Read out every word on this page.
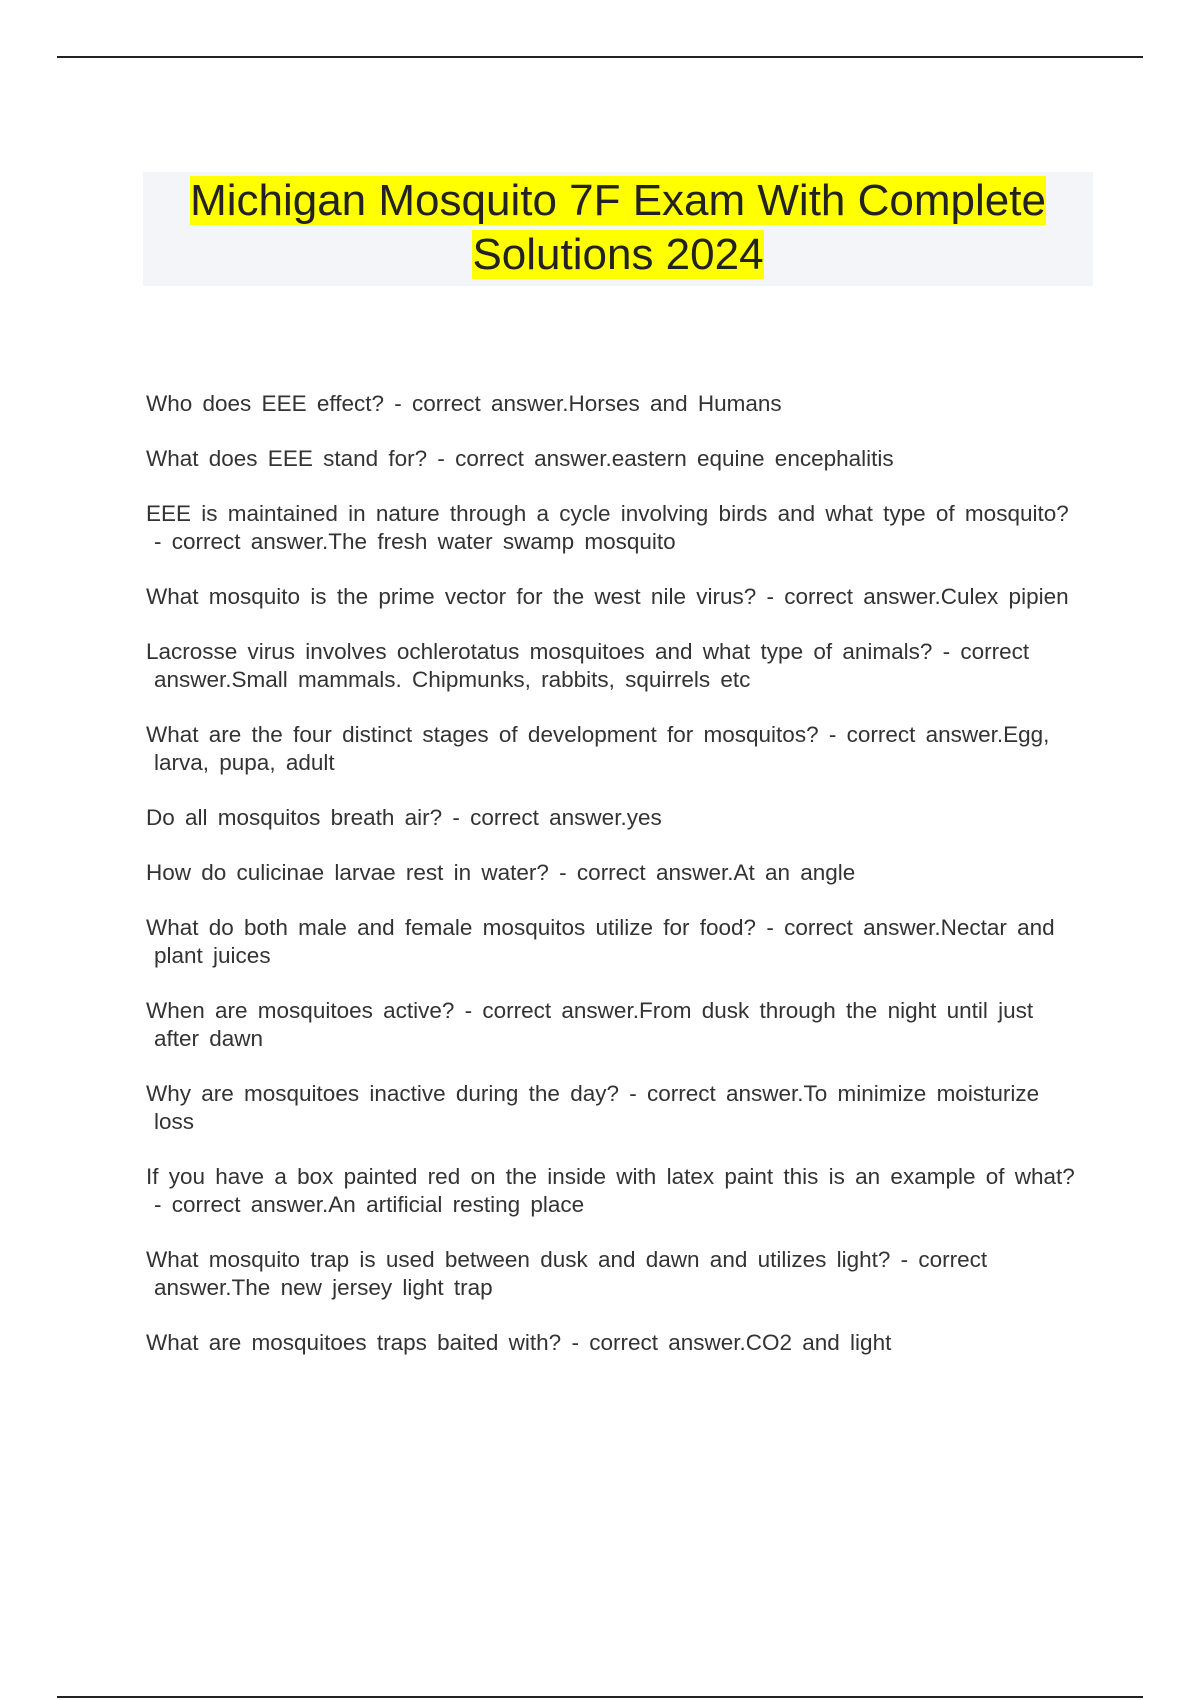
Michigan Mosquito 7F Exam With Complete
Solutions 2024
Who does EEE effect? - correct answer.Horses and Humans
What does EEE stand for? - correct answer.eastern equine encephalitis
EEE is maintained in nature through a cycle involving birds and what type of mosquito? - correct answer.The fresh water swamp mosquito
What mosquito is the prime vector for the west nile virus? - correct answer.Culex pipien
Lacrosse virus involves ochlerotatus mosquitoes and what type of animals? - correct answer.Small mammals. Chipmunks, rabbits, squirrels etc
What are the four distinct stages of development for mosquitos? - correct answer.Egg, larva, pupa, adult
Do all mosquitos breath air? - correct answer.yes
How do culicinae larvae rest in water? - correct answer.At an angle
What do both male and female mosquitos utilize for food? - correct answer.Nectar and plant juices
When are mosquitoes active? - correct answer.From dusk through the night until just after dawn
Why are mosquitoes inactive during the day? - correct answer.To minimize moisturize loss
If you have a box painted red on the inside with latex paint this is an example of what? - correct answer.An artificial resting place
What mosquito trap is used between dusk and dawn and utilizes light? - correct answer.The new jersey light trap
What are mosquitoes traps baited with? - correct answer.CO2 and light
